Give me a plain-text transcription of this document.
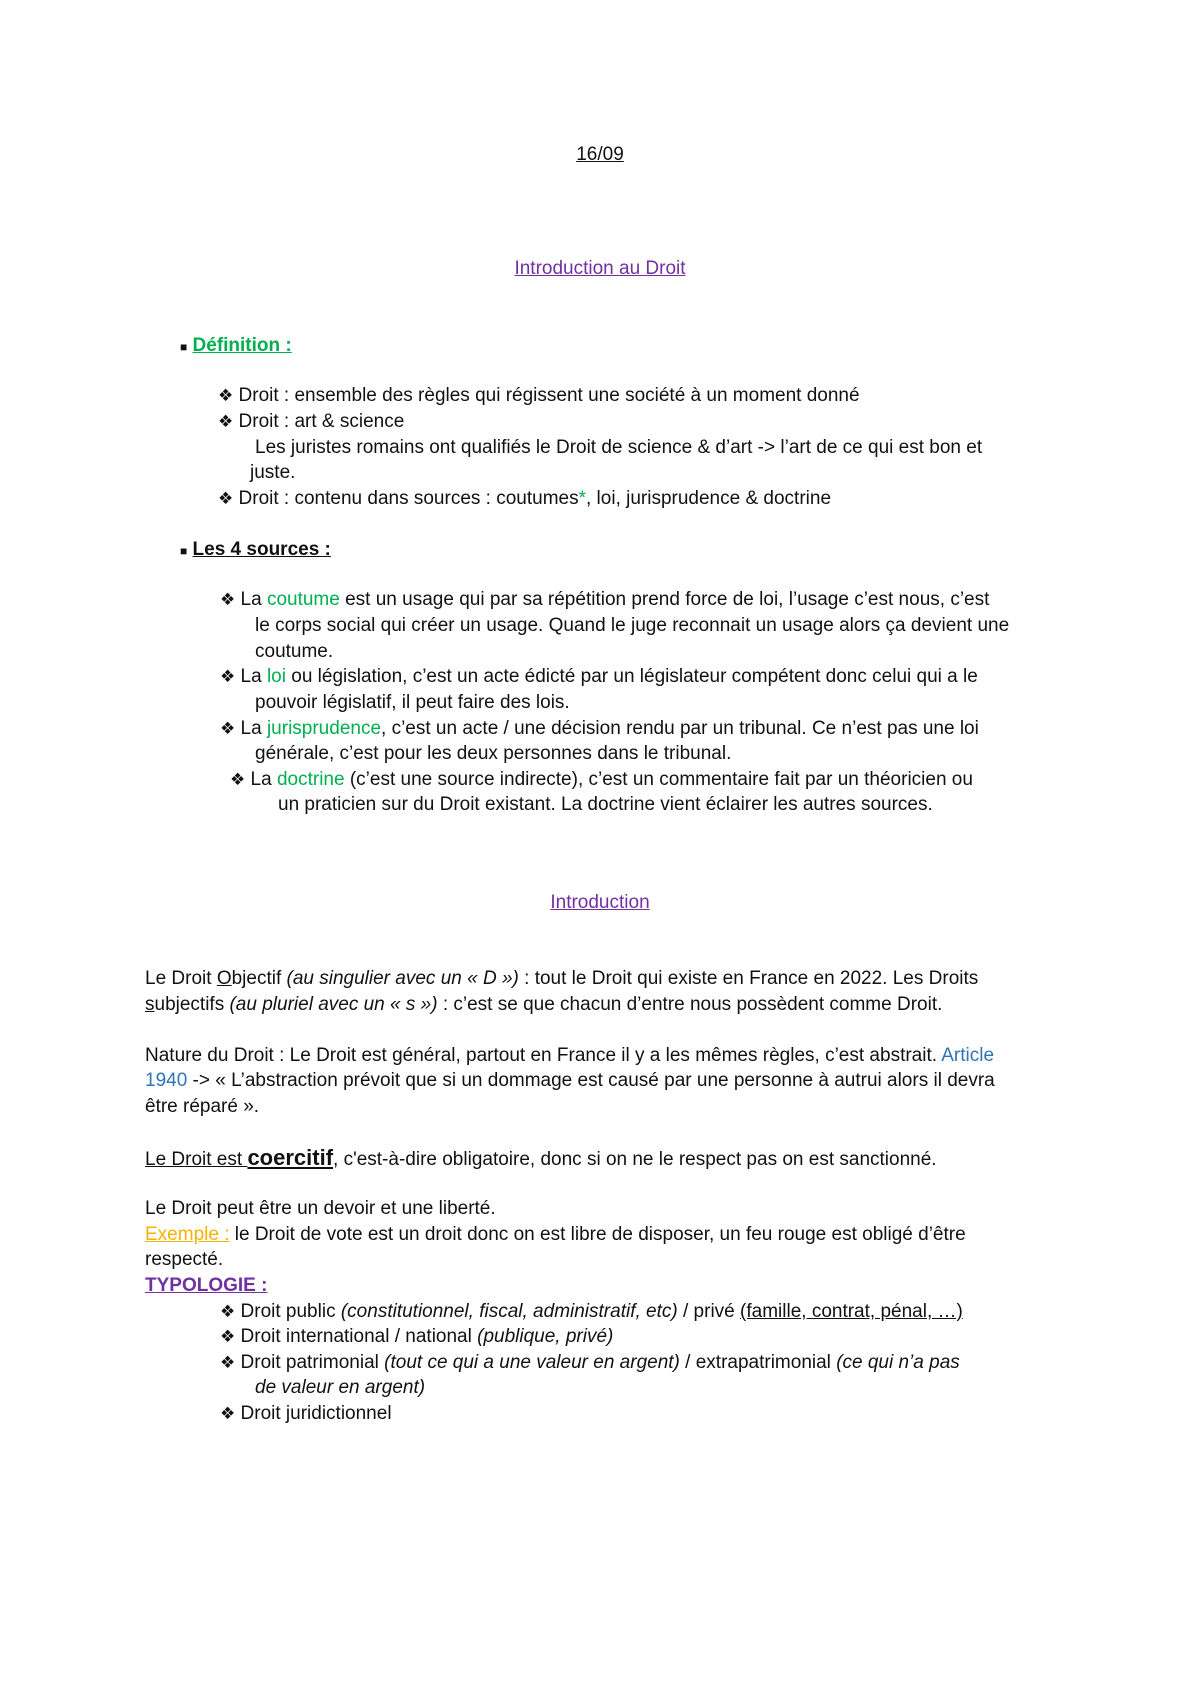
16/09
Introduction au Droit
■ Définition :
❖ Droit : ensemble des règles qui régissent une société à un moment donné
❖ Droit : art & science
Les juristes romains ont qualifiés le Droit de science & d’art -> l’art de ce qui est bon et
juste.
❖ Droit : contenu dans sources : coutumes*, loi, jurisprudence & doctrine
■ Les 4 sources :
❖ La coutume est un usage qui par sa répétition prend force de loi, l’usage c’est nous, c’est
le corps social qui créer un usage. Quand le juge reconnait un usage alors ça devient une
coutume.
❖ La loi ou législation, c’est un acte édicté par un législateur compétent donc celui qui a le
pouvoir législatif, il peut faire des lois.
❖ La jurisprudence, c’est un acte / une décision rendu par un tribunal. Ce n’est pas une loi
générale, c’est pour les deux personnes dans le tribunal.
❖ La doctrine (c’est une source indirecte), c’est un commentaire fait par un théoricien ou
un praticien sur du Droit existant. La doctrine vient éclairer les autres sources.
Introduction
Le Droit Objectif (au singulier avec un « D ») : tout le Droit qui existe en France en 2022. Les Droits
subjectifs (au pluriel avec un « s ») : c’est se que chacun d’entre nous possèdent comme Droit.
Nature du Droit : Le Droit est général, partout en France il y a les mêmes règles, c’est abstrait. Article
1940 -> « L’abstraction prévoit que si un dommage est causé par une personne à autrui alors il devra
être réparé ».
Le Droit est coercitif, c'est-à-dire obligatoire, donc si on ne le respect pas on est sanctionné.
Le Droit peut être un devoir et une liberté.
Exemple : le Droit de vote est un droit donc on est libre de disposer, un feu rouge est obligé d’être
respecté.
TYPOLOGIE :
❖ Droit public (constitutionnel, fiscal, administratif, etc) / privé (famille, contrat, pénal, …)
❖ Droit international / national (publique, privé)
❖ Droit patrimonial (tout ce qui a une valeur en argent) / extrapatrimonial (ce qui n’a pas
de valeur en argent)
❖ Droit juridictionnel
